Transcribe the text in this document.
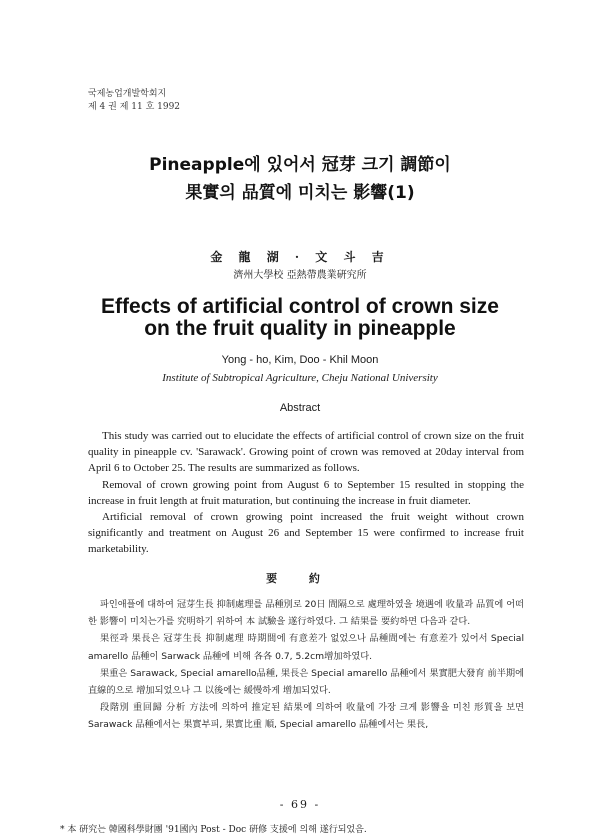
국제농업개발학회지
제 4 권 제 11 호 1992
Pineapple에 있어서 冠芽 크기 調節이
果實의 品質에 미치는 影響(1)
金 龍 湖 · 文 斗 吉
濟州大學校 亞熱帶農業硏究所
Effects of artificial control of crown size
on the fruit quality in pineapple
Yong - ho, Kim, Doo - Khil Moon
Institute of Subtropical Agriculture, Cheju National University
Abstract

This study was carried out to elucidate the effects of artificial control of crown size on the fruit quality in pineapple cv. 'Sarawack'. Growing point of crown was removed at 20day interval from April 6 to October 25. The results are summarized as follows.

Removal of crown growing point from August 6 to September 15 resulted in stopping the increase in fruit length at fruit maturation, but continuing the increase in fruit diameter.

Artificial removal of crown growing point increased the fruit weight without crown significantly and treatment on August 26 and September 15 were confirmed to increase fruit marketability.

要 約

파인애플에 대하여 冠芽生長 抑制處理를 品種別로 20日 間隔으로 處理하였을 境遇에 收量과 品質에 어떠한 影響이 미치는가를 究明하기 위하여 本 試驗을 遂行하였다. 그 結果를 要約하면 다음과 같다.

果徑과 果長은 冠芽生長 抑制處理 時期間에 有意差가 없었으나 品種間에는 有意差가 있어서 Special amarello 品種이 Sarwack 品種에 비해 各各 0.7, 5.2cm增加하였다.

果重은 Sarawack, Special amarello品種, 果長은 Special amarello 品種에서 果實肥大發育 前半期에 直線的으로 增加되었으나 그 以後에는 緩慢하게 增加되었다.

段階別 重回歸 分析 方法에 의하여 推定된 結果에 의하여 收量에 가장 크게 影響을 미친 形質을 보면 Sarawack 品種에서는 果實부피, 果實比重 順, Special amarello 品種에서는 果長,

* 本 硏究는 韓國科學財團 '91國內 Post - Doc 硏修 支援에 의해 遂行되었음.
- 69 -
